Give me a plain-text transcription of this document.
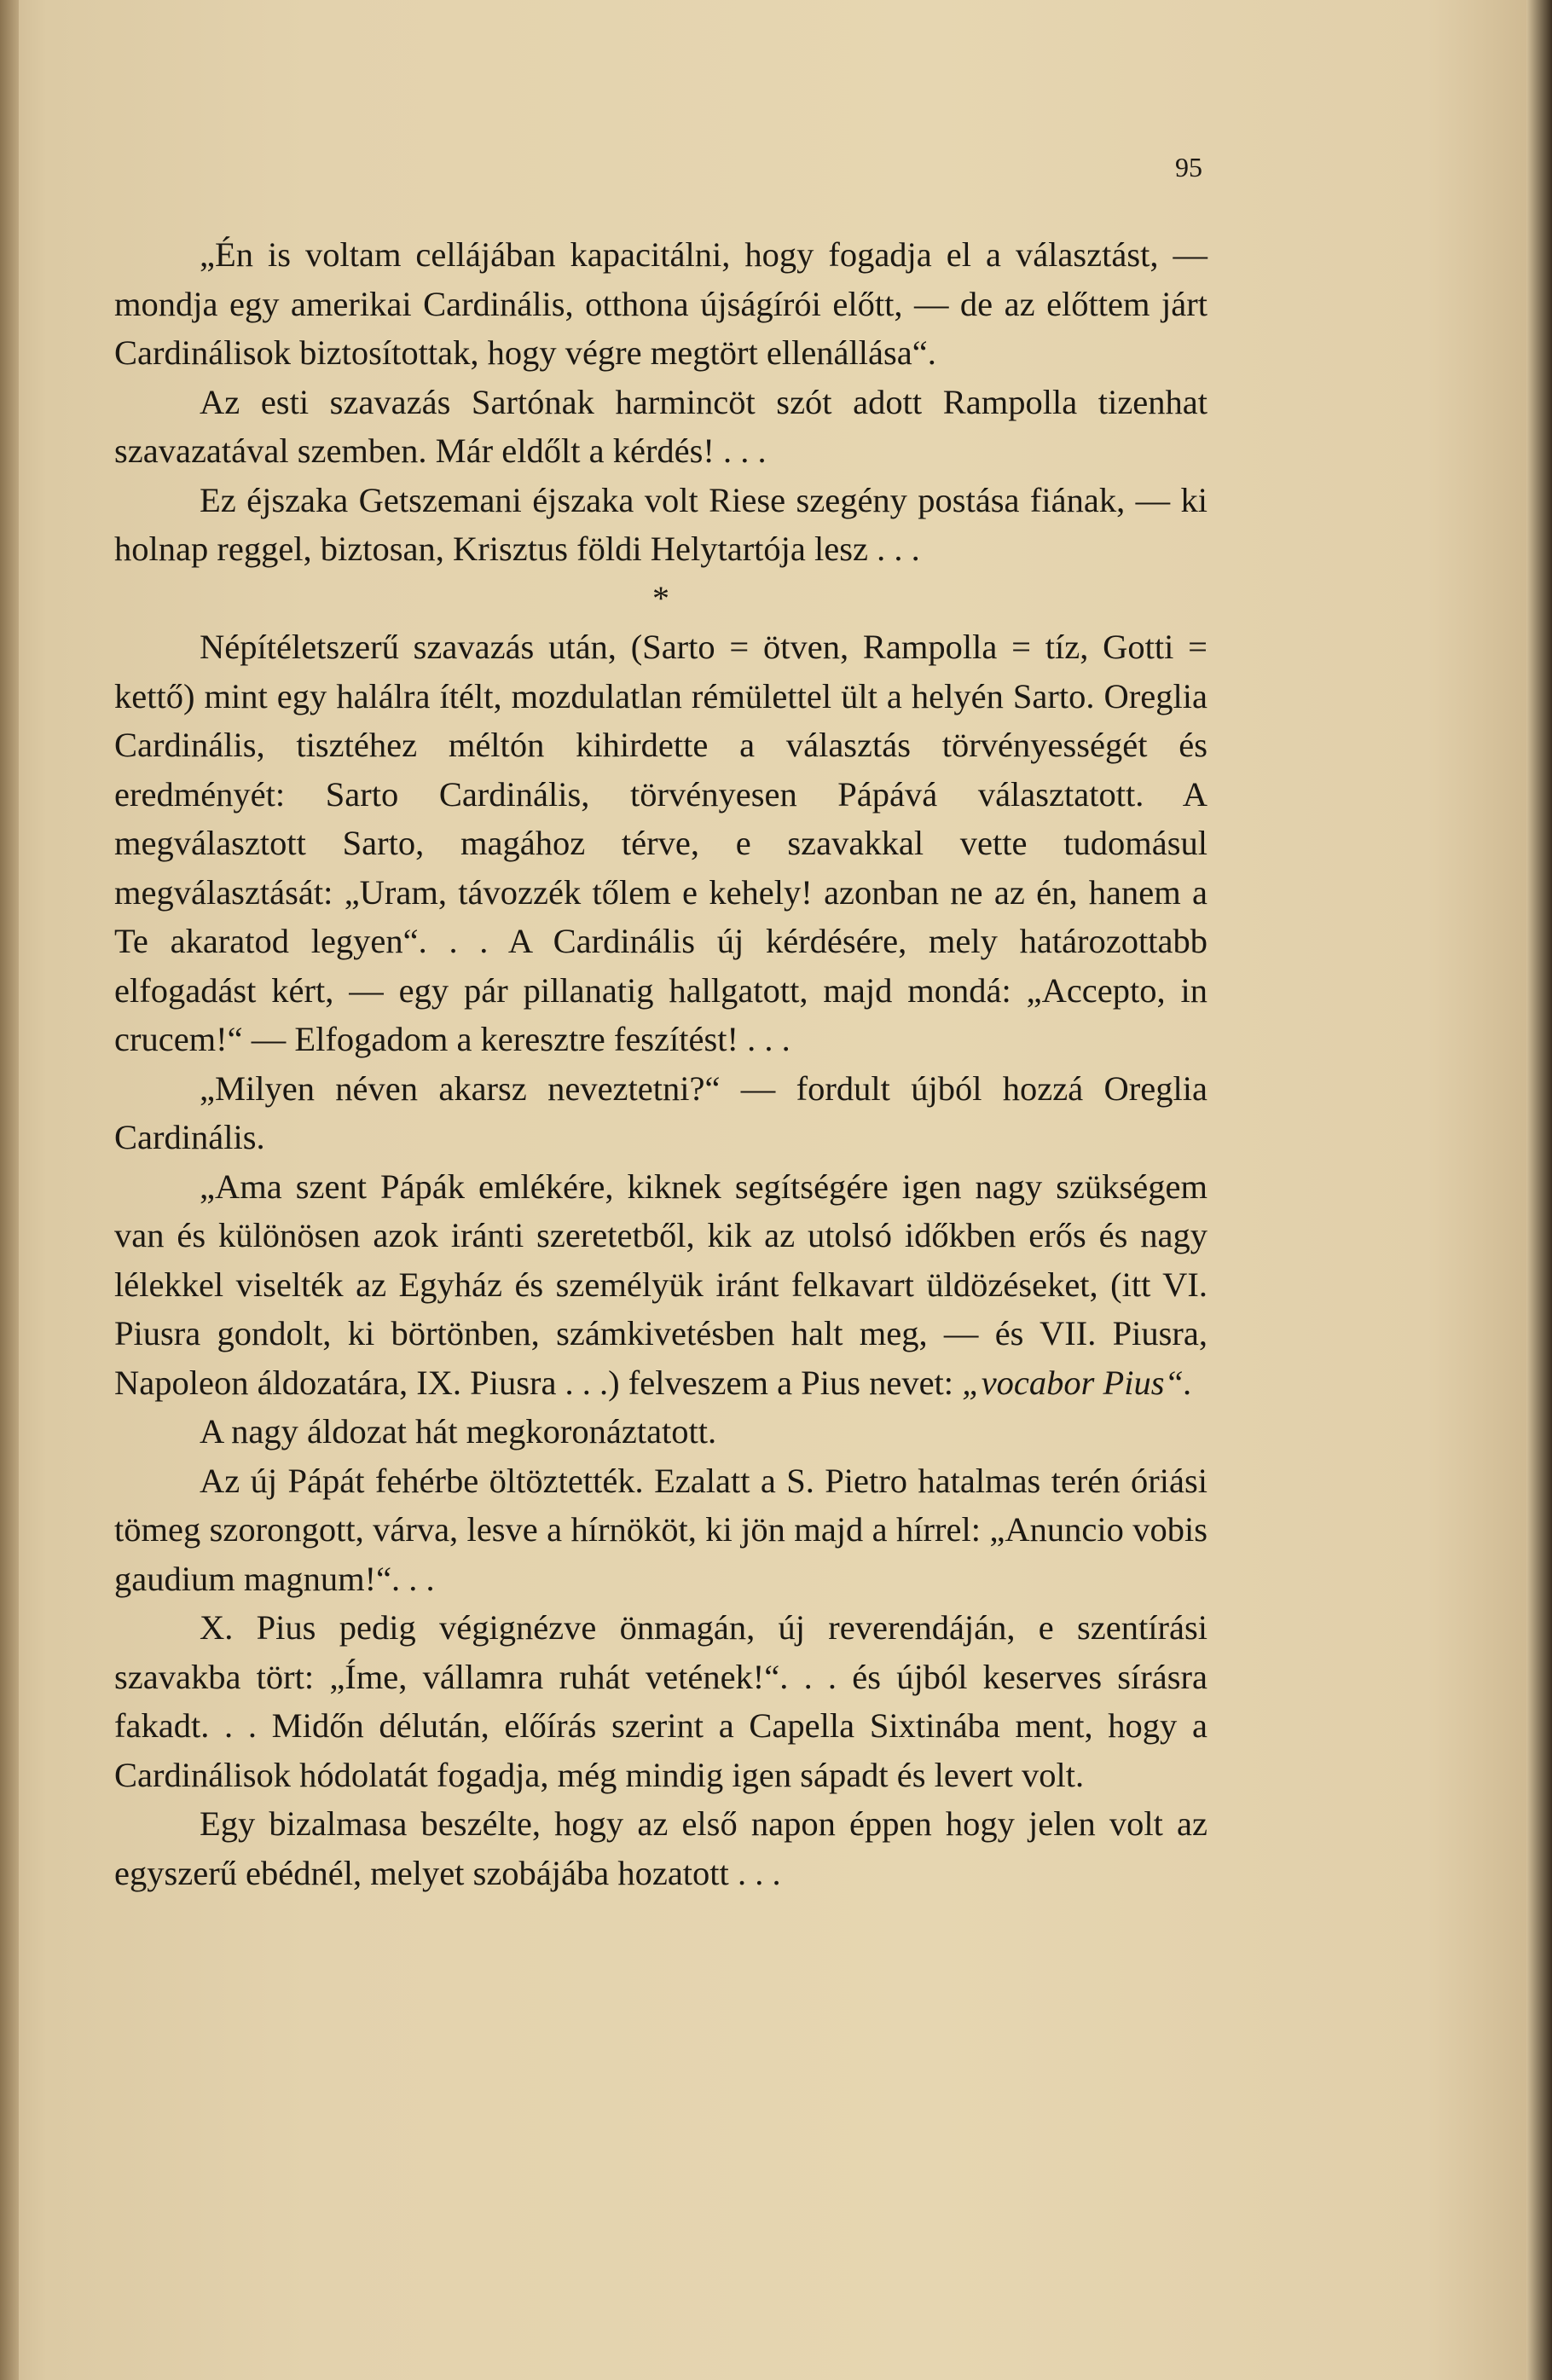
95

„Én is voltam cellájában kapacitálni, hogy fogadja el a választást, — mondja egy amerikai Cardinális, otthona újságírói előtt, — de az előttem járt Cardinálisok biztosítottak, hogy végre megtört ellenállása“.

Az esti szavazás Sartónak harmincöt szót adott Rampolla tizenhat szavazatával szemben. Már eldőlt a kérdés! . . .

Ez éjszaka Getszemani éjszaka volt Riese szegény postása fiának, — ki holnap reggel, biztosan, Krisztus földi Helytartója lesz . . .

*

Népítéletszerű szavazás után, (Sarto = ötven, Rampolla = tíz, Gotti = kettő) mint egy halálra ítélt, mozdulatlan rémülettel ült a helyén Sarto. Oreglia Cardinális, tisztéhez méltón kihirdette a választás törvényességét és eredményét: Sarto Cardinális, törvényesen Pápává választatott. A megválasztott Sarto, magához térve, e szavakkal vette tudomásul megválasztását: „Uram, távozzék tőlem e kehely! azonban ne az én, hanem a Te akaratod legyen“. . . A Cardinális új kérdésére, mely határozottabb elfogadást kért, — egy pár pillanatig hallgatott, majd mondá: „Accepto, in crucem!“ — Elfogadom a keresztre feszítést! . . .

„Milyen néven akarsz neveztetni?“ — fordult újból hozzá Oreglia Cardinális.

„Ama szent Pápák emlékére, kiknek segítségére igen nagy szükségem van és különösen azok iránti szeretetből, kik az utolsó időkben erős és nagy lélekkel viselték az Egyház és személyük iránt felkavart üldözéseket, (itt VI. Piusra gondolt, ki börtönben, számkivetésben halt meg, — és VII. Piusra, Napoleon áldozatára, IX. Piusra . . .) felveszem a Pius nevet: „vocabor Pius“.

A nagy áldozat hát megkoronáztatott.

Az új Pápát fehérbe öltöztették. Ezalatt a S. Pietro hatalmas terén óriási tömeg szorongott, várva, lesve a hírnököt, ki jön majd a hírrel: „Anuncio vobis gaudium magnum!“. . .

X. Pius pedig végignézve önmagán, új reverendáján, e szentírási szavakba tört: „Íme, vállamra ruhát vetének!“. . . és újból keserves sírásra fakadt. . . Midőn délután, előírás szerint a Capella Sixtinába ment, hogy a Cardinálisok hódolatát fogadja, még mindig igen sápadt és levert volt.

Egy bizalmasa beszélte, hogy az első napon éppen hogy jelen volt az egyszerű ebédnél, melyet szobájába hozatott . . .
